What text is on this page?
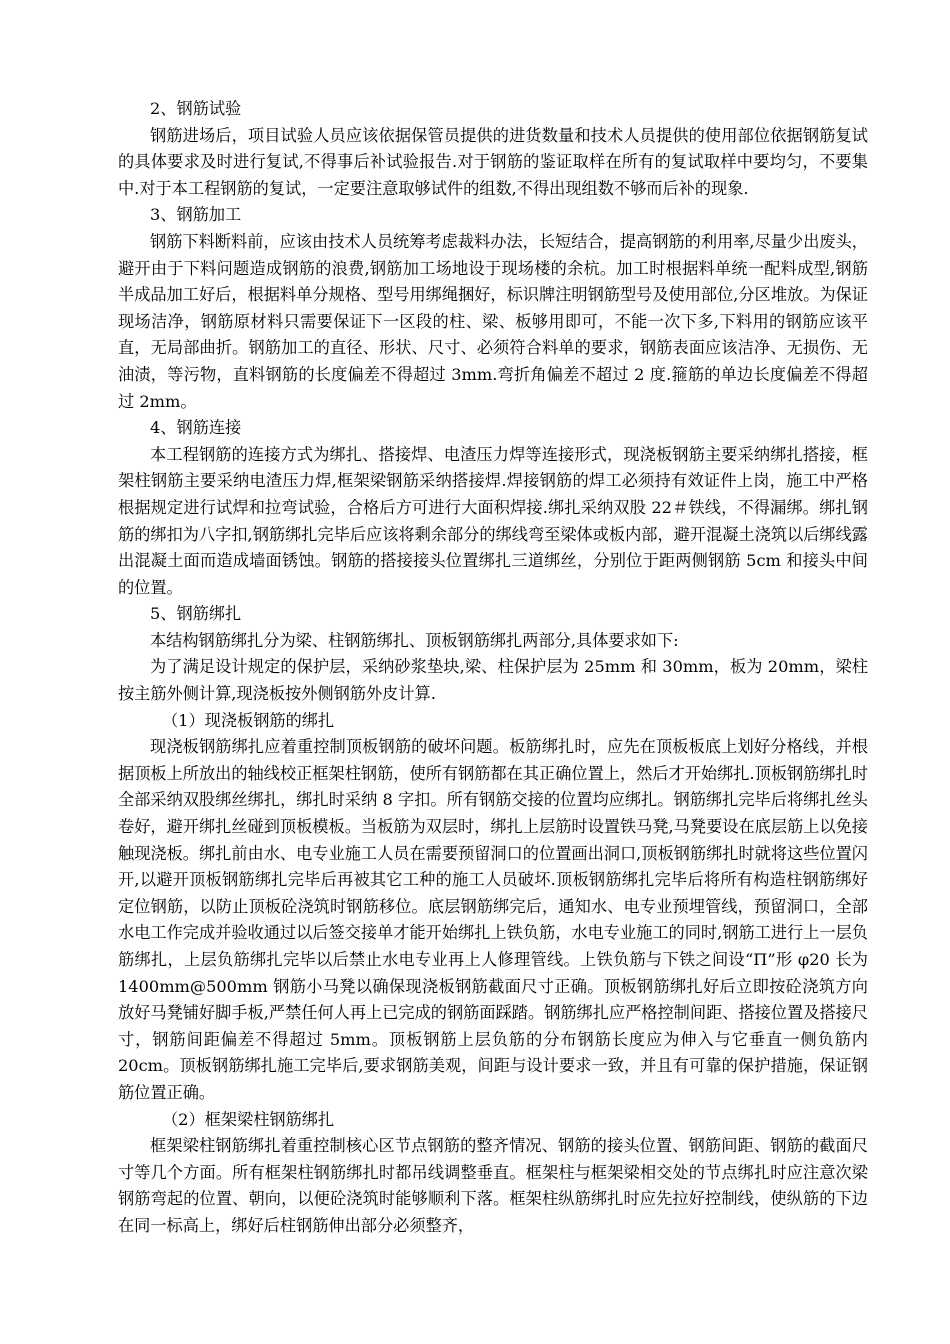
2、钢筋试验

钢筋进场后，项目试验人员应该依据保管员提供的进货数量和技术人员提供的使用部位依据钢筋复试的具体要求及时进行复试,不得事后补试验报告.对于钢筋的鉴证取样在所有的复试取样中要均匀，不要集中.对于本工程钢筋的复试，一定要注意取够试件的组数,不得出现组数不够而后补的现象.

3、钢筋加工

钢筋下料断料前，应该由技术人员统筹考虑裁料办法，长短结合，提高钢筋的利用率,尽量少出废头，避开由于下料问题造成钢筋的浪费,钢筋加工场地设于现场楼的余杭。加工时根据料单统一配料成型,钢筋半成品加工好后，根据料单分规格、型号用绑绳捆好，标识牌注明钢筋型号及使用部位,分区堆放。为保证现场洁净，钢筋原材料只需要保证下一区段的柱、梁、板够用即可，不能一次下多,下料用的钢筋应该平直，无局部曲折。钢筋加工的直径、形状、尺寸、必须符合料单的要求，钢筋表面应该洁净、无损伤、无油渍，等污物，直料钢筋的长度偏差不得超过 3mm.弯折角偏差不超过 2 度.箍筋的单边长度偏差不得超过 2mm。

4、钢筋连接

本工程钢筋的连接方式为绑扎、搭接焊、电渣压力焊等连接形式，现浇板钢筋主要采纳绑扎搭接，框架柱钢筋主要采纳电渣压力焊,框架梁钢筋采纳搭接焊.焊接钢筋的焊工必须持有效证件上岗，施工中严格根据规定进行试焊和拉弯试验，合格后方可进行大面积焊接.绑扎采纳双股 22＃铁线，不得漏绑。绑扎钢筋的绑扣为八字扣,钢筋绑扎完毕后应该将剩余部分的绑线弯至梁体或板内部，避开混凝土浇筑以后绑线露出混凝土面而造成墙面锈蚀。钢筋的搭接接头位置绑扎三道绑丝，分别位于距两侧钢筋 5cm 和接头中间的位置。

5、钢筋绑扎

本结构钢筋绑扎分为梁、柱钢筋绑扎、顶板钢筋绑扎两部分,具体要求如下:

为了满足设计规定的保护层，采纳砂浆垫块,梁、柱保护层为 25mm 和 30mm，板为 20mm，梁柱按主筋外侧计算,现浇板按外侧钢筋外皮计算.

（1）现浇板钢筋的绑扎

现浇板钢筋绑扎应着重控制顶板钢筋的破坏问题。板筋绑扎时，应先在顶板板底上划好分格线，并根据顶板上所放出的轴线校正框架柱钢筋，使所有钢筋都在其正确位置上，然后才开始绑扎.顶板钢筋绑扎时全部采纳双股绑丝绑扎，绑扎时采纳 8 字扣。所有钢筋交接的位置均应绑扎。钢筋绑扎完毕后将绑扎丝头卷好，避开绑扎丝碰到顶板模板。当板筋为双层时，绑扎上层筋时设置铁马凳,马凳要设在底层筋上以免接触现浇板。绑扎前由水、电专业施工人员在需要预留洞口的位置画出洞口,顶板钢筋绑扎时就将这些位置闪开,以避开顶板钢筋绑扎完毕后再被其它工种的施工人员破坏.顶板钢筋绑扎完毕后将所有构造柱钢筋绑好定位钢筋，以防止顶板砼浇筑时钢筋移位。底层钢筋绑完后，通知水、电专业预埋管线，预留洞口，全部水电工作完成并验收通过以后签交接单才能开始绑扎上铁负筋，水电专业施工的同时,钢筋工进行上一层负筋绑扎，上层负筋绑扎完毕以后禁止水电专业再上人修理管线。上铁负筋与下铁之间设“Π”形 φ20 长为 1400mm@500mm 钢筋小马凳以确保现浇板钢筋截面尺寸正确。顶板钢筋绑扎好后立即按砼浇筑方向放好马凳铺好脚手板,严禁任何人再上已完成的钢筋面踩踏。钢筋绑扎应严格控制间距、搭接位置及搭接尺寸，钢筋间距偏差不得超过 5mm。顶板钢筋上层负筋的分布钢筋长度应为伸入与它垂直一侧负筋内 20cm。顶板钢筋绑扎施工完毕后,要求钢筋美观，间距与设计要求一致，并且有可靠的保护措施，保证钢筋位置正确。

（2）框架梁柱钢筋绑扎

框架梁柱钢筋绑扎着重控制核心区节点钢筋的整齐情况、钢筋的接头位置、钢筋间距、钢筋的截面尺寸等几个方面。所有框架柱钢筋绑扎时都吊线调整垂直。框架柱与框架梁相交处的节点绑扎时应注意次梁钢筋弯起的位置、朝向，以便砼浇筑时能够顺利下落。框架柱纵筋绑扎时应先拉好控制线，使纵筋的下边在同一标高上，绑好后柱钢筋伸出部分必须整齐，
